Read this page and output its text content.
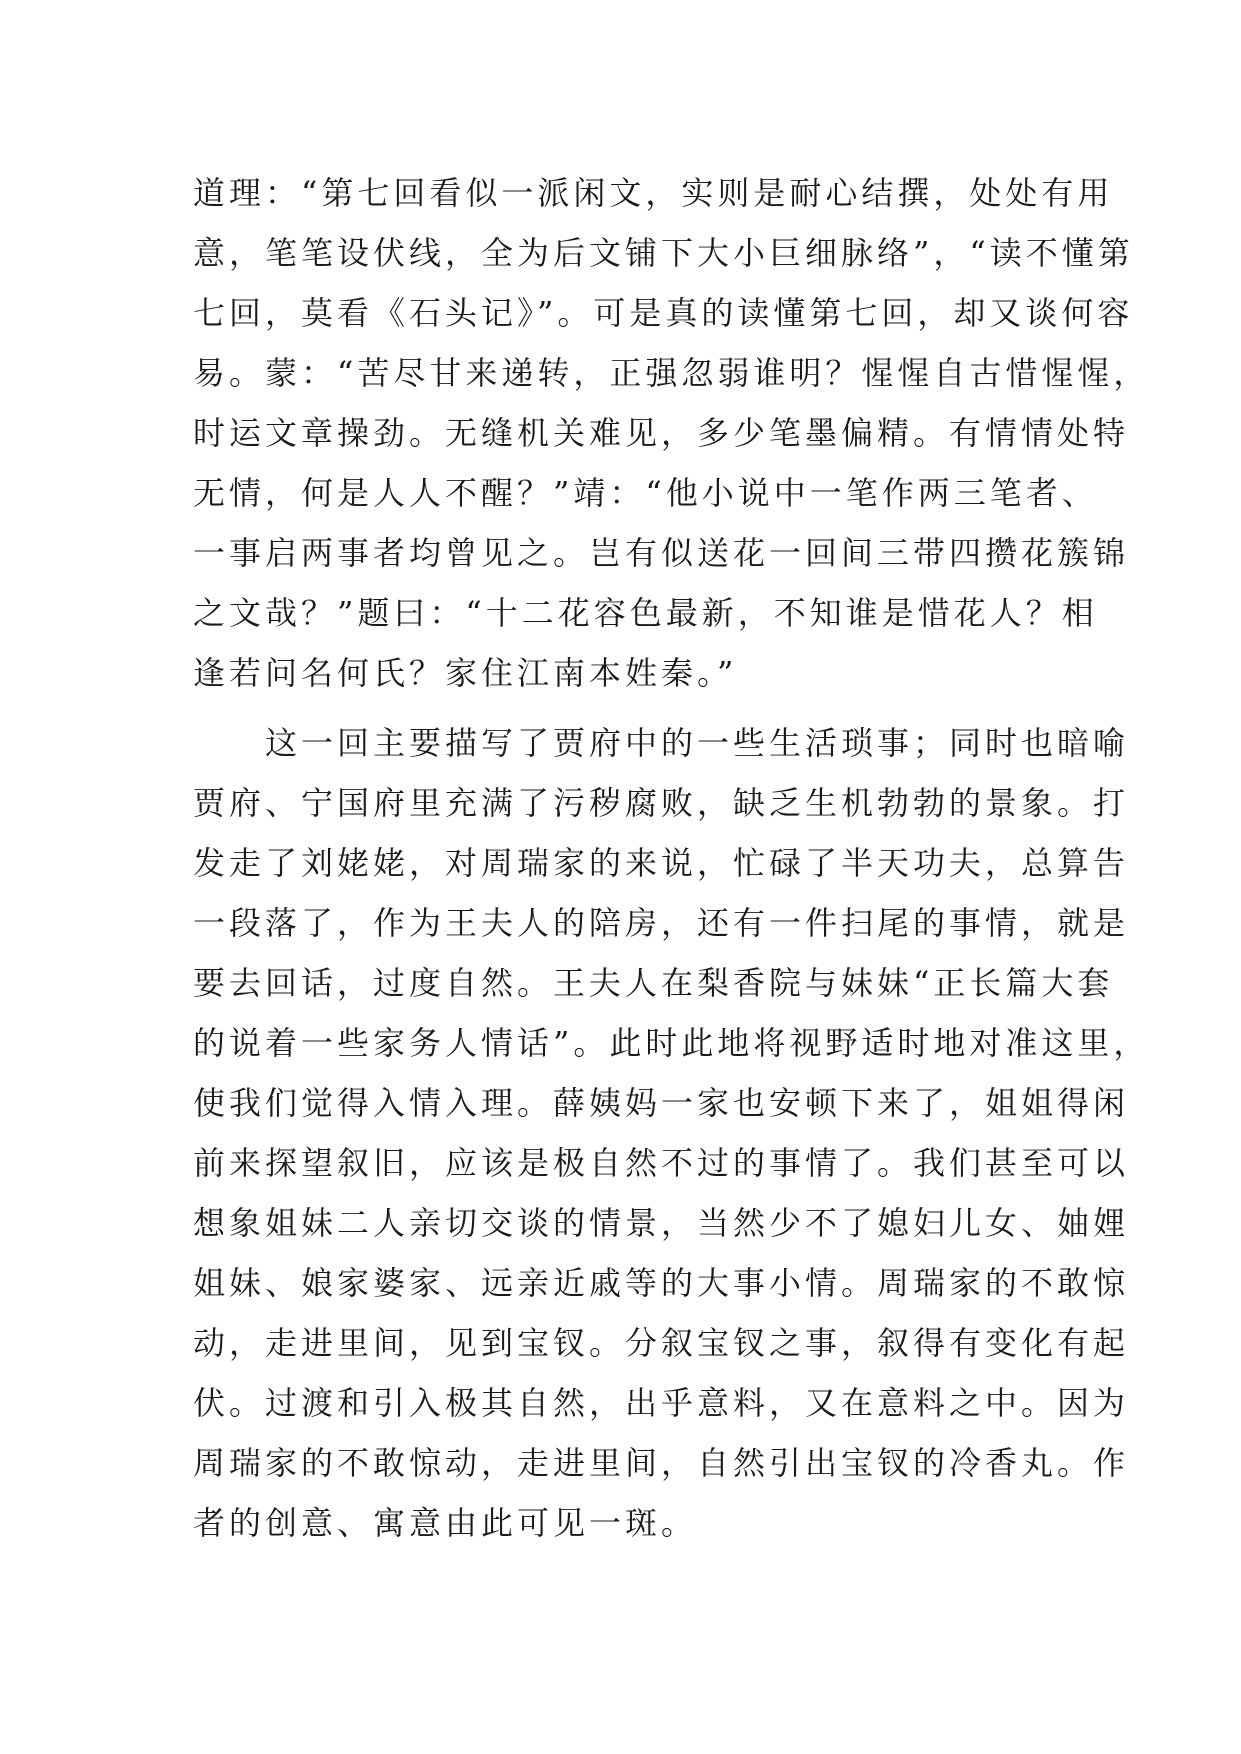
道理：“第七回看似一派闲文，实则是耐心结撰，处处有用
意，笔笔设伏线，全为后文铺下大小巨细脉络”，“读不懂第
七回，莫看《石头记》”。可是真的读懂第七回，却又谈何容
易。蒙：“苦尽甘来递转，正强忽弱谁明？惺惺自古惜惺惺，
时运文章操劲。无缝机关难见，多少笔墨偏精。有情情处特
无情，何是人人不醒？”靖：“他小说中一笔作两三笔者、
一事启两事者均曾见之。岂有似送花一回间三带四攒花簇锦
之文哉？”题曰：“十二花容色最新，不知谁是惜花人？相
逢若问名何氏？家住江南本姓秦。”
　　这一回主要描写了贾府中的一些生活琐事；同时也暗喻
贾府、宁国府里充满了污秽腐败，缺乏生机勃勃的景象。打
发走了刘姥姥，对周瑞家的来说，忙碌了半天功夫，总算告
一段落了，作为王夫人的陪房，还有一件扫尾的事情，就是
要去回话，过度自然。王夫人在梨香院与妹妹“正长篇大套
的说着一些家务人情话”。此时此地将视野适时地对准这里，
使我们觉得入情入理。薛姨妈一家也安顿下来了，姐姐得闲
前来探望叙旧，应该是极自然不过的事情了。我们甚至可以
想象姐妹二人亲切交谈的情景，当然少不了媳妇儿女、妯娌
姐妹、娘家婆家、远亲近戚等的大事小情。周瑞家的不敢惊
动，走进里间，见到宝钗。分叙宝钗之事，叙得有变化有起
伏。过渡和引入极其自然，出乎意料，又在意料之中。因为
周瑞家的不敢惊动，走进里间，自然引出宝钗的冷香丸。作
者的创意、寓意由此可见一斑。
